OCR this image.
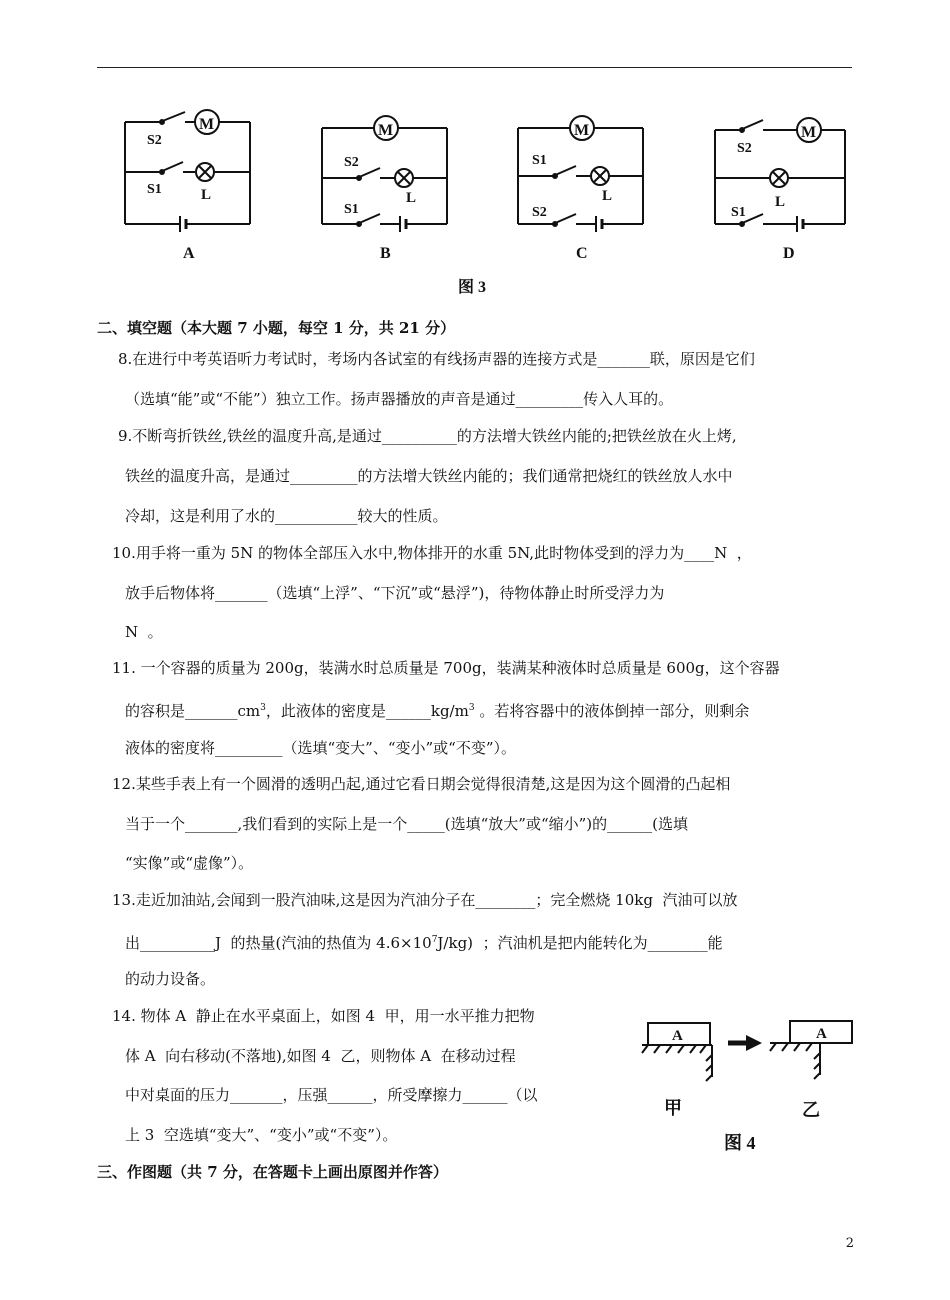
M
S2
S1	L
A
M
S2
S1
L
B
M
S1
S2
L
C
M
S2
S1
L
D
图 3
二、填空题（本大题 7 小题，每空 1 分，共 21 分）
8.在进行中考英语听力考试时，考场内各试室的有线扬声器的连接方式是_______联，原因是它们
（选填“能”或“不能”）独立工作。扬声器播放的声音是通过_________传入人耳的。
9.不断弯折铁丝,铁丝的温度升高,是通过__________的方法增大铁丝内能的;把铁丝放在火上烤,
铁丝的温度升高，是通过_________的方法增大铁丝内能的；我们通常把烧红的铁丝放人水中
冷却，这是利用了水的___________较大的性质。
10.用手将一重为 5N 的物体全部压入水中,物体排开的水重 5N,此时物体受到的浮力为____N  ，
放手后物体将_______（选填“上浮”、“下沉”或“悬浮”)，待物体静止时所受浮力为
N  。
11. 一个容器的质量为 200g，装满水时总质量是 700g，装满某种液体时总质量是 600g，这个容器
的容积是$\_\_\_\_\_\_\_cm^3$，此液体的密度是$\_\_\_\_\_\_kg/m^3$ 。若将容器中的液体倒掉一部分，则剩余
液体的密度将_________（选填“变大”、“变小”或“不变”）。
12.某些手表上有一个圆滑的透明凸起,通过它看日期会觉得很清楚,这是因为这个圆滑的凸起相
当于一个_______,我们看到的实际上是一个_____(选填“放大”或“缩小”)的______(选填
“实像”或“虚像”）。
13.走近加油站,会闻到一股汽油味,这是因为汽油分子在________；完全燃烧 10kg  汽油可以放
出__________J  的热量(汽油的热值为 $4.6\times 10^7J/kg$)  ；汽油机是把内能转化为________能
的动力设备。
14. 物体 A  静止在水平桌面上，如图 4  甲，用一水平推力把物
体 A  向右移动(不落地),如图 4  乙，则物体 A  在移动过程
中对桌面的压力_______，压强______，所受摩擦力______（以
上 3  空选填“变大”、“变小”或“不变”）。
A	A
甲	乙
图 4
三、作图题（共 7 分，在答题卡上画出原图并作答）
2
